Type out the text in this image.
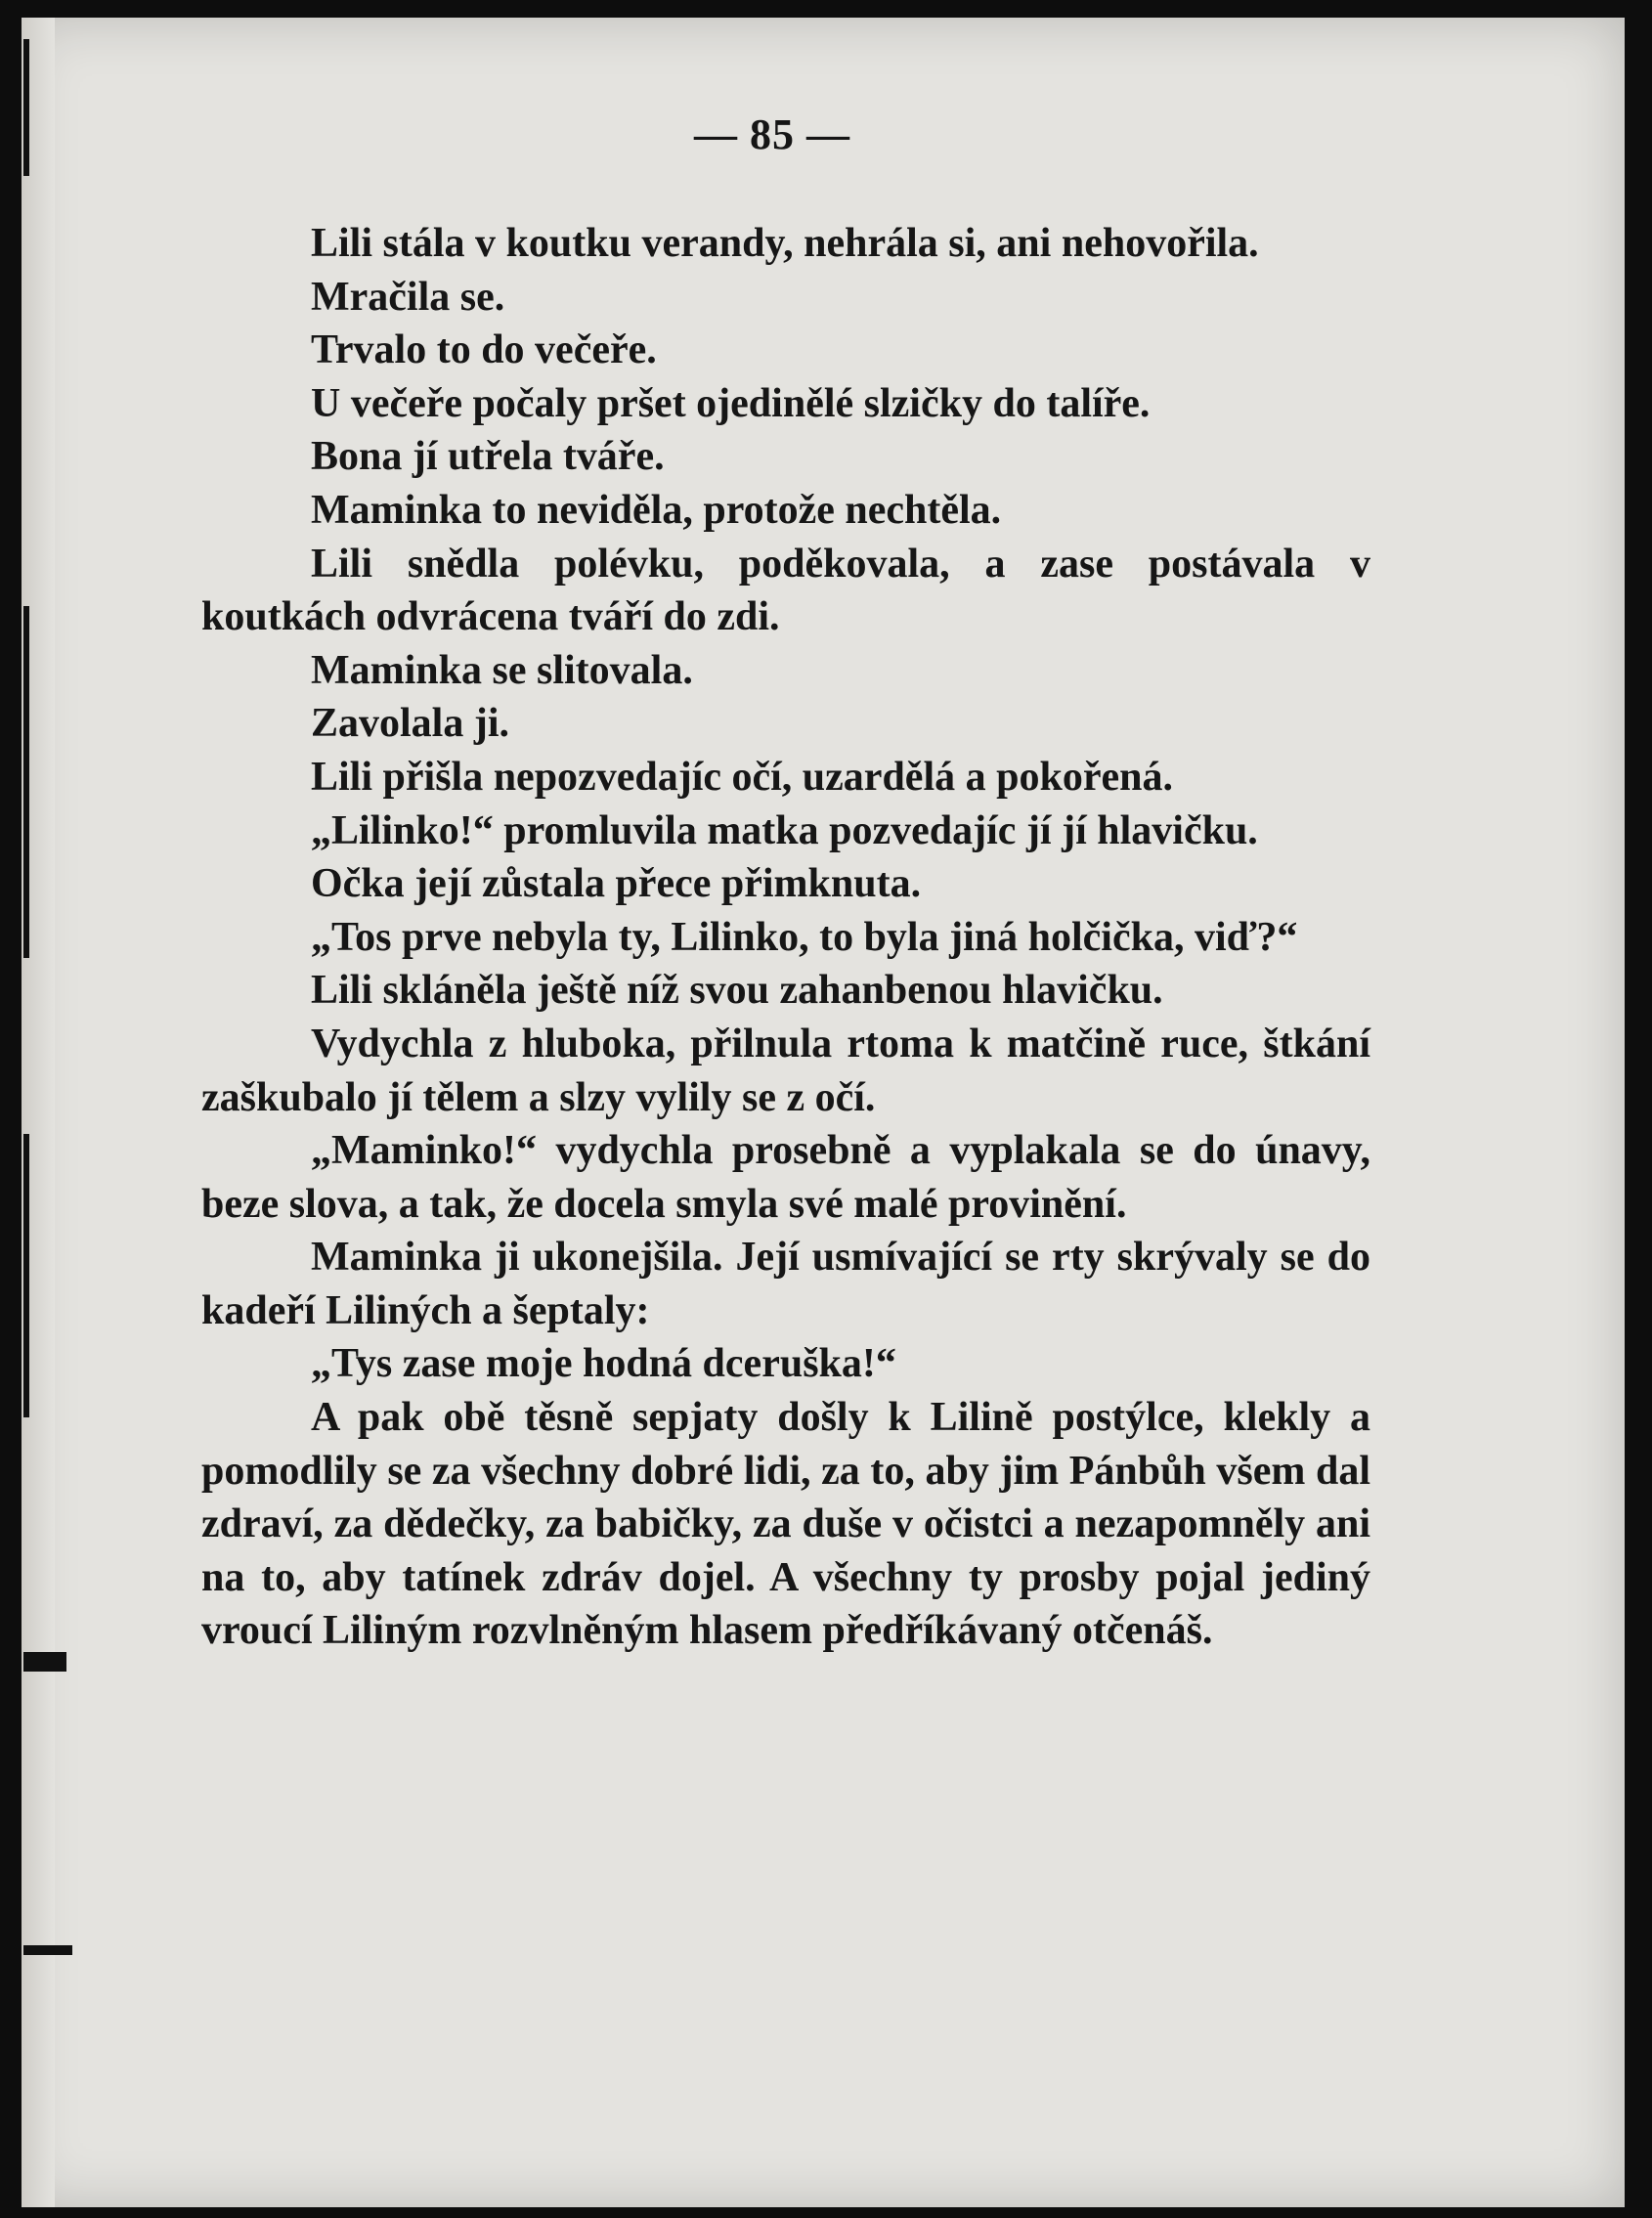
— 85 —

Lili stála v koutku verandy, nehrála si, ani nehovořila.

Mračila se.

Trvalo to do večeře.

U večeře počaly pršet ojedinělé slzičky do talíře.

Bona jí utřela tváře.

Maminka to neviděla, protože nechtěla.

Lili snědla polévku, poděkovala, a zase postávala v koutkách odvrácena tváří do zdi.

Maminka se slitovala.

Zavolala ji.

Lili přišla nepozvedajíc očí, uzardělá a pokořená.

„Lilinko!“ promluvila matka pozvedajíc jí jí hlavičku.

Očka její zůstala přece přimknuta.

„Tos prve nebyla ty, Lilinko, to byla jiná holčička, viď?“

Lili skláněla ještě níž svou zahanbenou hlavičku.

Vydychla z hluboka, přilnula rtoma k matčině ruce, štkání zaškubalo jí tělem a slzy vylily se z očí.

„Maminko!“ vydychla prosebně a vyplakala se do únavy, beze slova, a tak, že docela smyla své malé provinění.

Maminka ji ukonejšila. Její usmívající se rty skrývaly se do kadeří Liliných a šeptaly:

„Tys zase moje hodná dceruška!“

A pak obě těsně sepjaty došly k Lilině postýlce, klekly a pomodlily se za všechny dobré lidi, za to, aby jim Pánbůh všem dal zdraví, za dědečky, za babičky, za duše v očistci a nezapomněly ani na to, aby tatínek zdráv dojel. A všechny ty prosby pojal jediný vroucí Liliným rozvlněným hlasem předříkávaný otčenáš.
